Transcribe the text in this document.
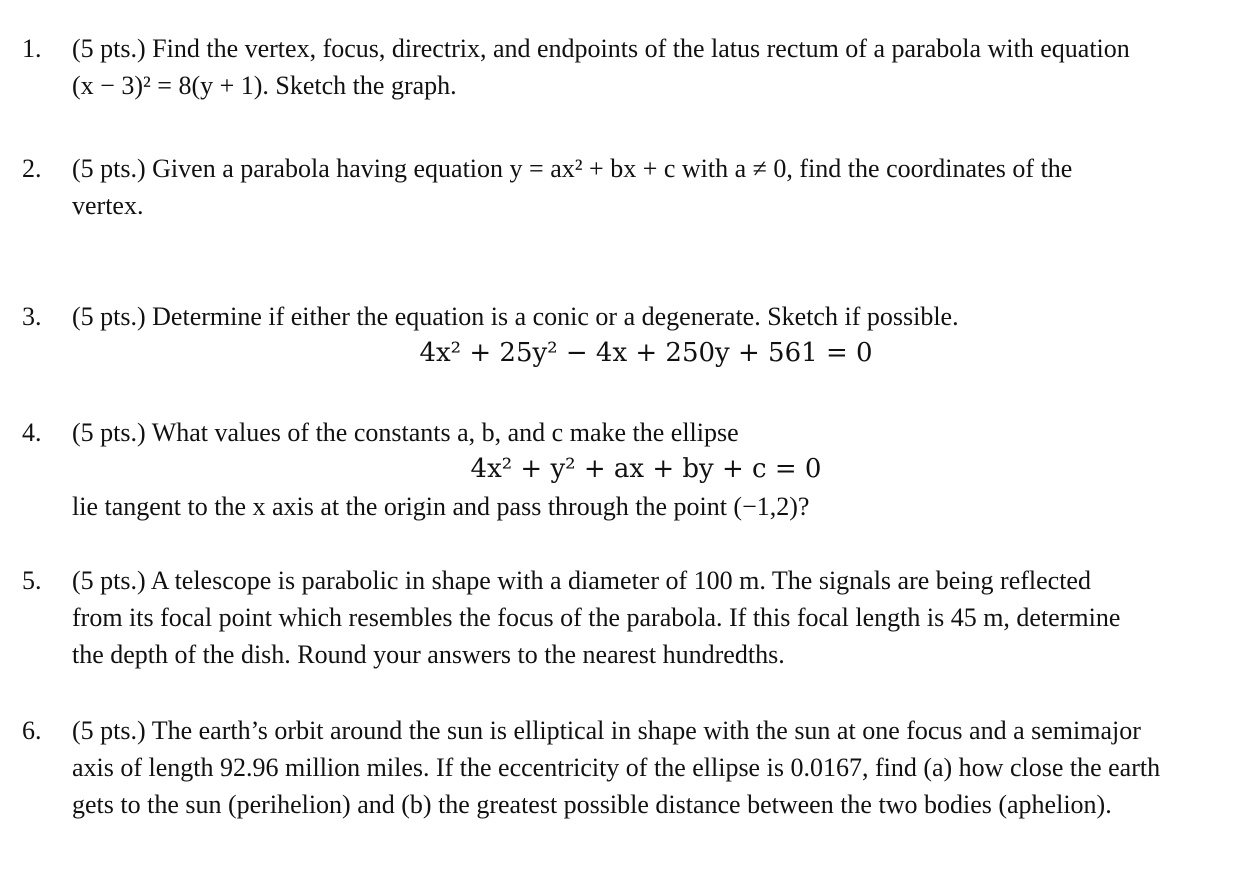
1. (5 pts.) Find the vertex, focus, directrix, and endpoints of the latus rectum of a parabola with equation
(x − 3)² = 8(y + 1). Sketch the graph.
2. (5 pts.) Given a parabola having equation y = ax² + bx + c with a ≠ 0, find the coordinates of the
vertex.
3. (5 pts.) Determine if either the equation is a conic or a degenerate. Sketch if possible.
4x² + 25y² − 4x + 250y + 561 = 0
4. (5 pts.) What values of the constants a, b, and c make the ellipse
4x² + y² + ax + by + c = 0
lie tangent to the x axis at the origin and pass through the point (−1,2)?
5. (5 pts.) A telescope is parabolic in shape with a diameter of 100 m. The signals are being reflected
from its focal point which resembles the focus of the parabola. If this focal length is 45 m, determine
the depth of the dish. Round your answers to the nearest hundredths.
6. (5 pts.) The earth’s orbit around the sun is elliptical in shape with the sun at one focus and a semimajor
axis of length 92.96 million miles. If the eccentricity of the ellipse is 0.0167, find (a) how close the earth
gets to the sun (perihelion) and (b) the greatest possible distance between the two bodies (aphelion).
